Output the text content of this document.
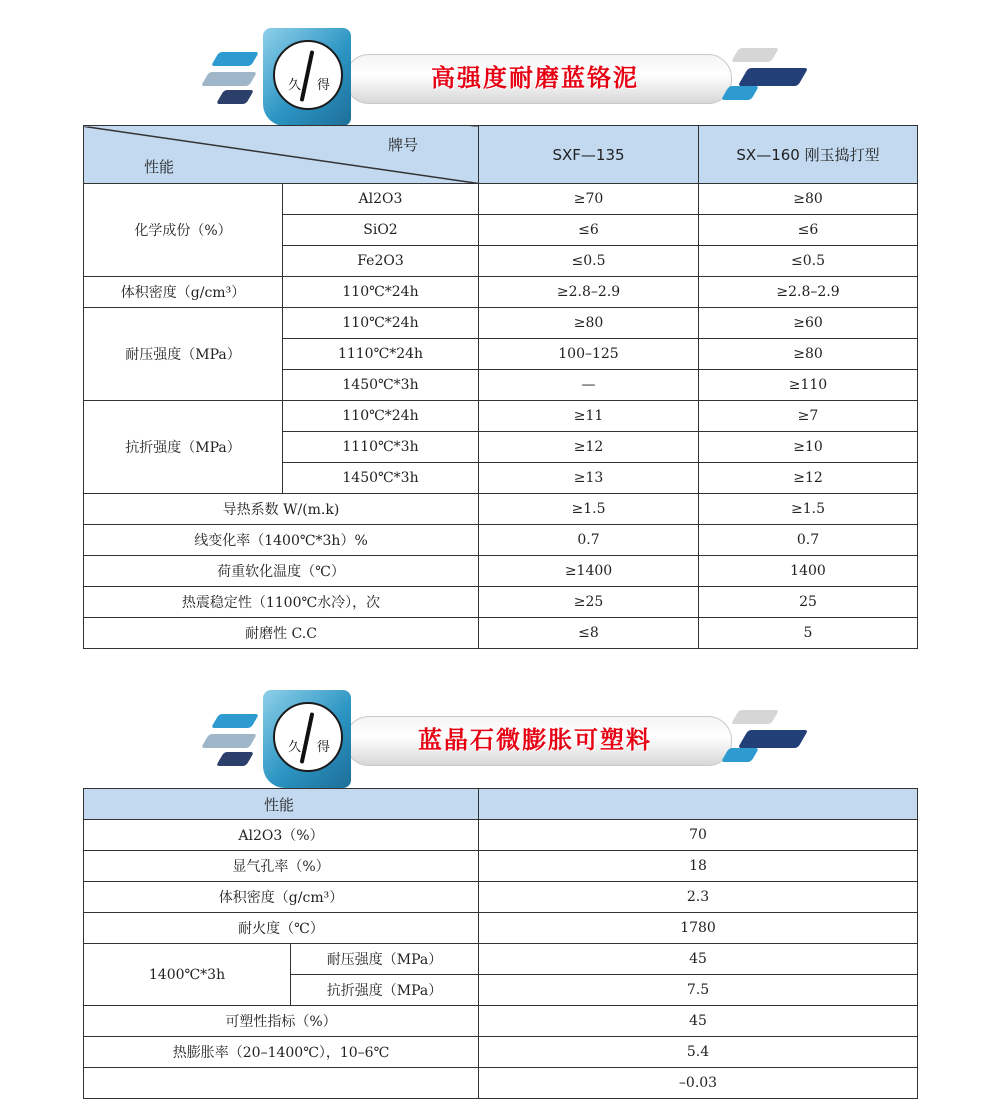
高强度耐磨蓝铬泥
久 得
牌号
性能		SXF—135	SX—160 刚玉捣打型
化学成份（%）	Al2O3	≥70	≥80
	SiO2	≤6	≤6
	Fe2O3	≤0.5	≤0.5
体积密度（g/cm³）	110℃*24h	≥2.8–2.9	≥2.8–2.9
耐压强度（MPa）	110℃*24h	≥80	≥60
	1110℃*24h	100–125	≥80
	1450℃*3h	—	≥110
抗折强度（MPa）	110℃*24h	≥11	≥7
	1110℃*3h	≥12	≥10
	1450℃*3h	≥13	≥12
导热系数 W/(m.k)		≥1.5	≥1.5
线变化率（1400℃*3h）%		0.7	0.7
荷重软化温度（℃）		≥1400	1400
热震稳定性（1100℃水冷），次		≥25	25
耐磨性 C.C		≤8	5
蓝晶石微膨胀可塑料
久 得
性能		
Al2O3（%）		70
显气孔率（%）		18
体积密度（g/cm³）		2.3
耐火度（℃）		1780
1400℃*3h	耐压强度（MPa）	45
	抗折强度（MPa）	7.5
可塑性指标（%）		45
热膨胀率（20–1400℃），10–6℃		5.4
		–0.03
